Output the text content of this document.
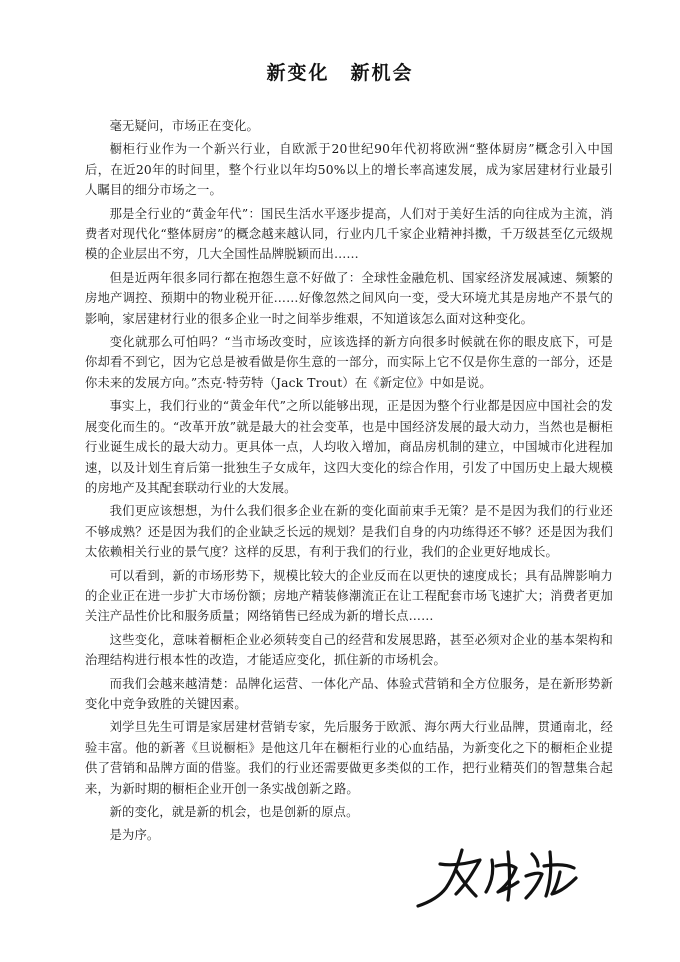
新变化　新机会

毫无疑问，市场正在变化。

橱柜行业作为一个新兴行业，自欧派于20世纪90年代初将欧洲“整体厨房”概念引入中国后，在近20年的时间里，整个行业以年均50%以上的增长率高速发展，成为家居建材行业最引人瞩目的细分市场之一。

那是全行业的“黄金年代”：国民生活水平逐步提高，人们对于美好生活的向往成为主流，消费者对现代化“整体厨房”的概念越来越认同，行业内几千家企业精神抖擞，千万级甚至亿元级规模的企业层出不穷，几大全国性品牌脱颖而出……

但是近两年很多同行都在抱怨生意不好做了：全球性金融危机、国家经济发展减速、频繁的房地产调控、预期中的物业税开征……好像忽然之间风向一变，受大环境尤其是房地产不景气的影响，家居建材行业的很多企业一时之间举步维艰，不知道该怎么面对这种变化。

变化就那么可怕吗？“当市场改变时，应该选择的新方向很多时候就在你的眼皮底下，可是你却看不到它，因为它总是被看做是你生意的一部分，而实际上它不仅是你生意的一部分，还是你未来的发展方向。”杰克·特劳特（Jack Trout）在《新定位》中如是说。

事实上，我们行业的“黄金年代”之所以能够出现，正是因为整个行业都是因应中国社会的发展变化而生的。“改革开放”就是最大的社会变革，也是中国经济发展的最大动力，当然也是橱柜行业诞生成长的最大动力。更具体一点，人均收入增加，商品房机制的建立，中国城市化进程加速，以及计划生育后第一批独生子女成年，这四大变化的综合作用，引发了中国历史上最大规模的房地产及其配套联动行业的大发展。

我们更应该想想，为什么我们很多企业在新的变化面前束手无策？是不是因为我们的行业还不够成熟？还是因为我们的企业缺乏长远的规划？是我们自身的内功练得还不够？还是因为我们太依赖相关行业的景气度？这样的反思，有利于我们的行业，我们的企业更好地成长。

可以看到，新的市场形势下，规模比较大的企业反而在以更快的速度成长；具有品牌影响力的企业正在进一步扩大市场份额；房地产精装修潮流正在让工程配套市场飞速扩大；消费者更加关注产品性价比和服务质量；网络销售已经成为新的增长点……

这些变化，意味着橱柜企业必须转变自己的经营和发展思路，甚至必须对企业的基本架构和治理结构进行根本性的改造，才能适应变化，抓住新的市场机会。

而我们会越来越清楚：品牌化运营、一体化产品、体验式营销和全方位服务，是在新形势新变化中竞争致胜的关键因素。

刘学旦先生可谓是家居建材营销专家，先后服务于欧派、海尔两大行业品牌，贯通南北，经验丰富。他的新著《旦说橱柜》是他这几年在橱柜行业的心血结晶，为新变化之下的橱柜企业提供了营销和品牌方面的借鉴。我们的行业还需要做更多类似的工作，把行业精英们的智慧集合起来，为新时期的橱柜企业开创一条实战创新之路。

新的变化，就是新的机会，也是创新的原点。

是为序。
